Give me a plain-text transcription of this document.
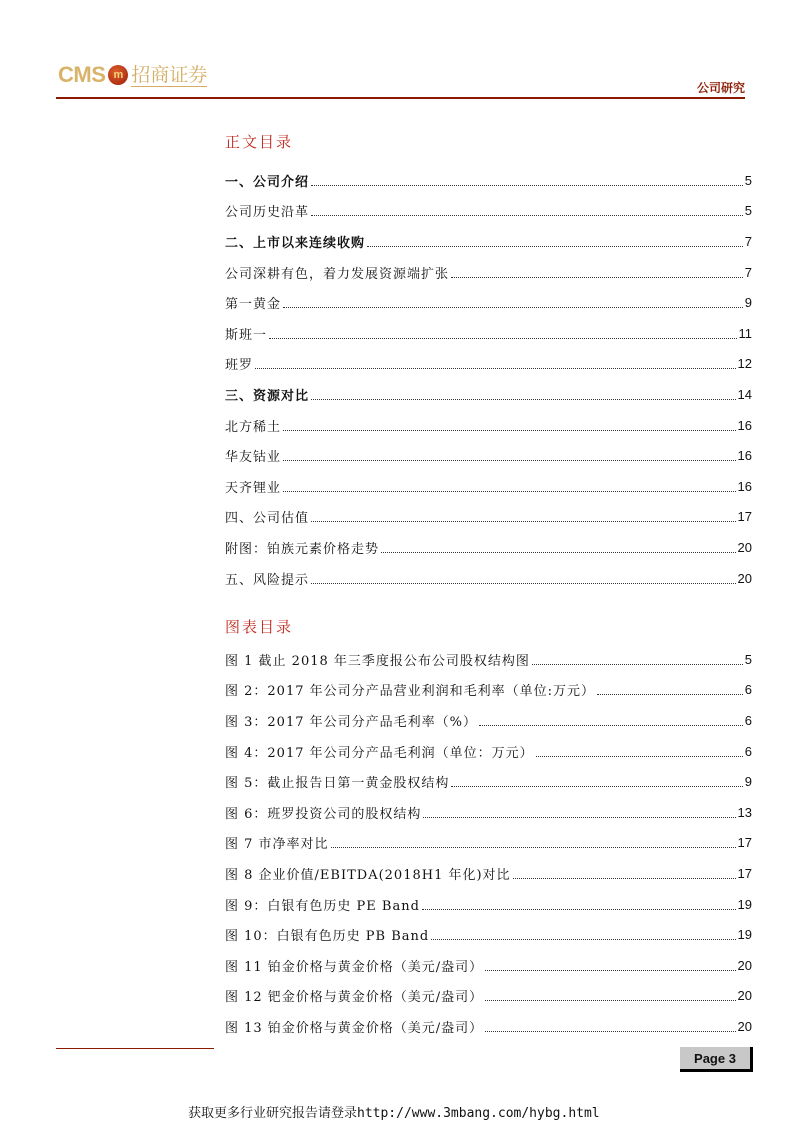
CMS m 招商证券
公司研究
正文目录
一、公司介绍	5
公司历史沿革	5
二、上市以来连续收购	7
公司深耕有色，着力发展资源端扩张	7
第一黄金	9
斯班一	11
班罗	12
三、资源对比	14
北方稀土	16
华友钴业	16
天齐锂业	16
四、公司估值	17
附图：铂族元素价格走势	20
五、风险提示	20
图表目录
图 1 截止 2018 年三季度报公布公司股权结构图	5
图 2：2017 年公司分产品营业利润和毛利率（单位:万元）	6
图 3：2017 年公司分产品毛利率（%）	6
图 4：2017 年公司分产品毛利润（单位：万元）	6
图 5：截止报告日第一黄金股权结构	9
图 6：班罗投资公司的股权结构	13
图 7 市净率对比	17
图 8 企业价值/EBITDA(2018H1 年化)对比	17
图 9：白银有色历史 PE Band	19
图 10：白银有色历史 PB Band	19
图 11 铂金价格与黄金价格（美元/盎司）	20
图 12 钯金价格与黄金价格（美元/盎司）	20
图 13 铂金价格与黄金价格（美元/盎司）	20
Page 3
获取更多行业研究报告请登录http://www.3mbang.com/hybg.html
